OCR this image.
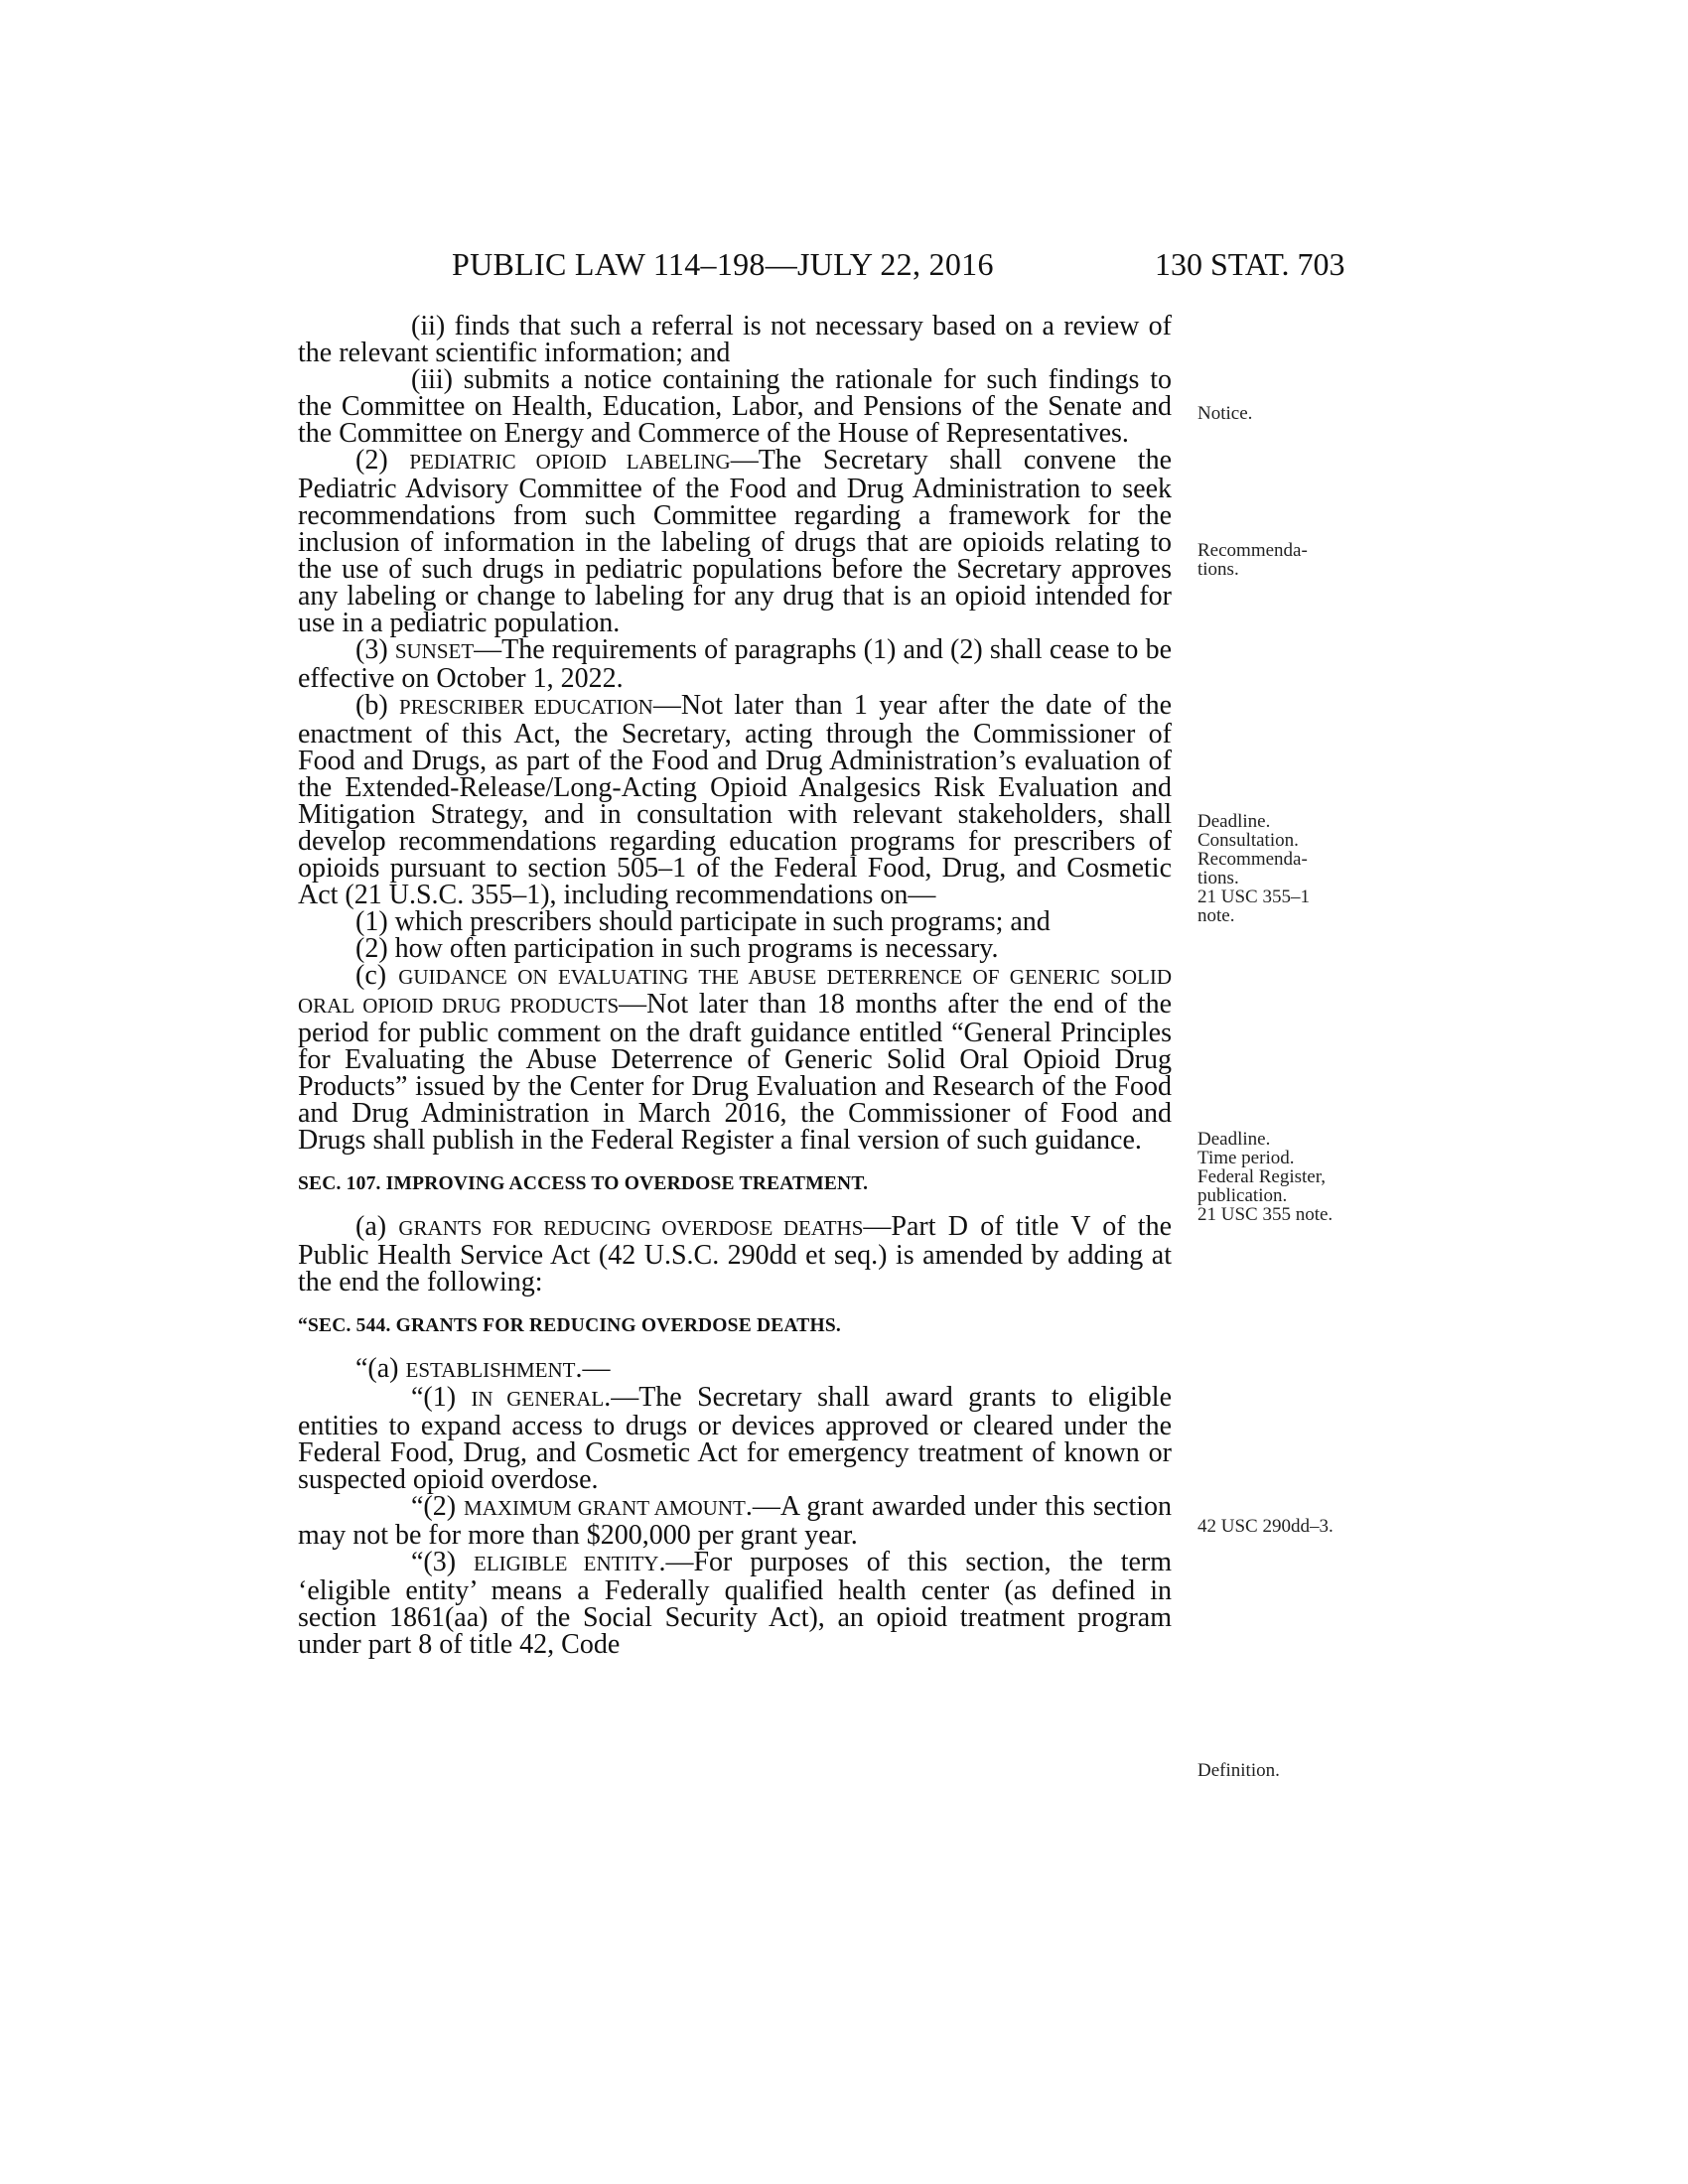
PUBLIC LAW 114–198—JULY 22, 2016	130 STAT. 703

(ii) finds that such a referral is not necessary based on a review of the relevant scientific information; and

(iii) submits a notice containing the rationale for such findings to the Committee on Health, Education, Labor, and Pensions of the Senate and the Committee on Energy and Commerce of the House of Representatives.

(2) PEDIATRIC OPIOID LABELING—The Secretary shall convene the Pediatric Advisory Committee of the Food and Drug Administration to seek recommendations from such Committee regarding a framework for the inclusion of information in the labeling of drugs that are opioids relating to the use of such drugs in pediatric populations before the Secretary approves any labeling or change to labeling for any drug that is an opioid intended for use in a pediatric population.

(3) SUNSET—The requirements of paragraphs (1) and (2) shall cease to be effective on October 1, 2022.

(b) PRESCRIBER EDUCATION—Not later than 1 year after the date of the enactment of this Act, the Secretary, acting through the Commissioner of Food and Drugs, as part of the Food and Drug Administration’s evaluation of the Extended-Release/Long-Acting Opioid Analgesics Risk Evaluation and Mitigation Strategy, and in consultation with relevant stakeholders, shall develop recommendations regarding education programs for prescribers of opioids pursuant to section 505–1 of the Federal Food, Drug, and Cosmetic Act (21 U.S.C. 355–1), including recommendations on—

(1) which prescribers should participate in such programs; and

(2) how often participation in such programs is necessary.

(c) GUIDANCE ON EVALUATING THE ABUSE DETERRENCE OF GENERIC SOLID ORAL OPIOID DRUG PRODUCTS—Not later than 18 months after the end of the period for public comment on the draft guidance entitled “General Principles for Evaluating the Abuse Deterrence of Generic Solid Oral Opioid Drug Products” issued by the Center for Drug Evaluation and Research of the Food and Drug Administration in March 2016, the Commissioner of Food and Drugs shall publish in the Federal Register a final version of such guidance.

SEC. 107. IMPROVING ACCESS TO OVERDOSE TREATMENT.

(a) GRANTS FOR REDUCING OVERDOSE DEATHS—Part D of title V of the Public Health Service Act (42 U.S.C. 290dd et seq.) is amended by adding at the end the following:

“SEC. 544. GRANTS FOR REDUCING OVERDOSE DEATHS.

“(a) ESTABLISHMENT.—

“(1) IN GENERAL.—The Secretary shall award grants to eligible entities to expand access to drugs or devices approved or cleared under the Federal Food, Drug, and Cosmetic Act for emergency treatment of known or suspected opioid overdose.

“(2) MAXIMUM GRANT AMOUNT.—A grant awarded under this section may not be for more than $200,000 per grant year.

“(3) ELIGIBLE ENTITY.—For purposes of this section, the term ‘eligible entity’ means a Federally qualified health center (as defined in section 1861(aa) of the Social Security Act), an opioid treatment program under part 8 of title 42, Code

Notice.
Recommenda-
tions.
Deadline.
Consultation.
Recommenda-
tions.
21 USC 355–1
note.
Deadline.
Time period.
Federal Register,
publication.
21 USC 355 note.
42 USC 290dd–3.
Definition.
